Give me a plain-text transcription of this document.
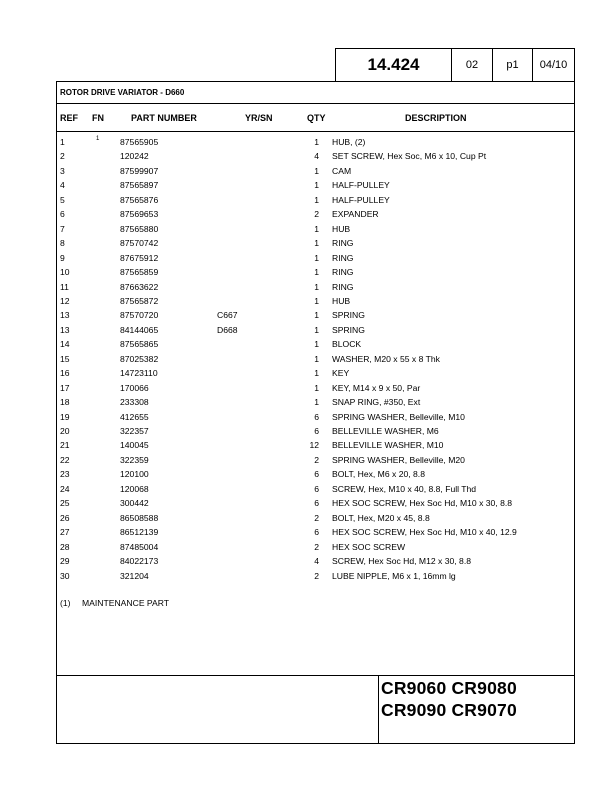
14.424	02	p1 04/10
ROTOR DRIVE VARIATOR - D660
REF FN	PART NUMBER	YR/SN	QTY	DESCRIPTION
1	1 87565905	1 HUB, (2)
2	120242	4 SET SCREW, Hex Soc, M6 x 10, Cup Pt
3	87599907	1 CAM
4	87565897	1 HALF-PULLEY
5	87565876	1 HALF-PULLEY
6	87569653	2 EXPANDER
7	87565880	1 HUB
8	87570742	1 RING
9	87675912	1 RING
10	87565859	1 RING
11	87663622	1 RING
12	87565872	1 HUB
13	87570720	C667	1 SPRING
13	84144065	D668	1 SPRING
14	87565865	1 BLOCK
15	87025382	1 WASHER, M20 x 55 x 8 Thk
16	14723110	1 KEY
17	170066	1 KEY, M14 x 9 x 50, Par
18	233308	1 SNAP RING, #350, Ext
19	412655	6 SPRING WASHER, Belleville, M10
20	322357	6 BELLEVILLE WASHER, M6
21	140045	12 BELLEVILLE WASHER, M10
22	322359	2 SPRING WASHER, Belleville, M20
23	120100	6 BOLT, Hex, M6 x 20, 8.8
24	120068	6 SCREW, Hex, M10 x 40, 8.8, Full Thd
25	300442	6 HEX SOC SCREW, Hex Soc Hd, M10 x 30, 8.8
26	86508588	2 BOLT, Hex, M20 x 45, 8.8
27	86512139	6 HEX SOC SCREW, Hex Soc Hd, M10 x 40, 12.9
28	87485004	2 HEX SOC SCREW
29	84022173	4 SCREW, Hex Soc Hd, M12 x 30, 8.8
30	321204	2 LUBE NIPPLE, M6 x 1, 16mm lg
(1) MAINTENANCE PART
CR9060 CR9080
CR9090 CR9070
